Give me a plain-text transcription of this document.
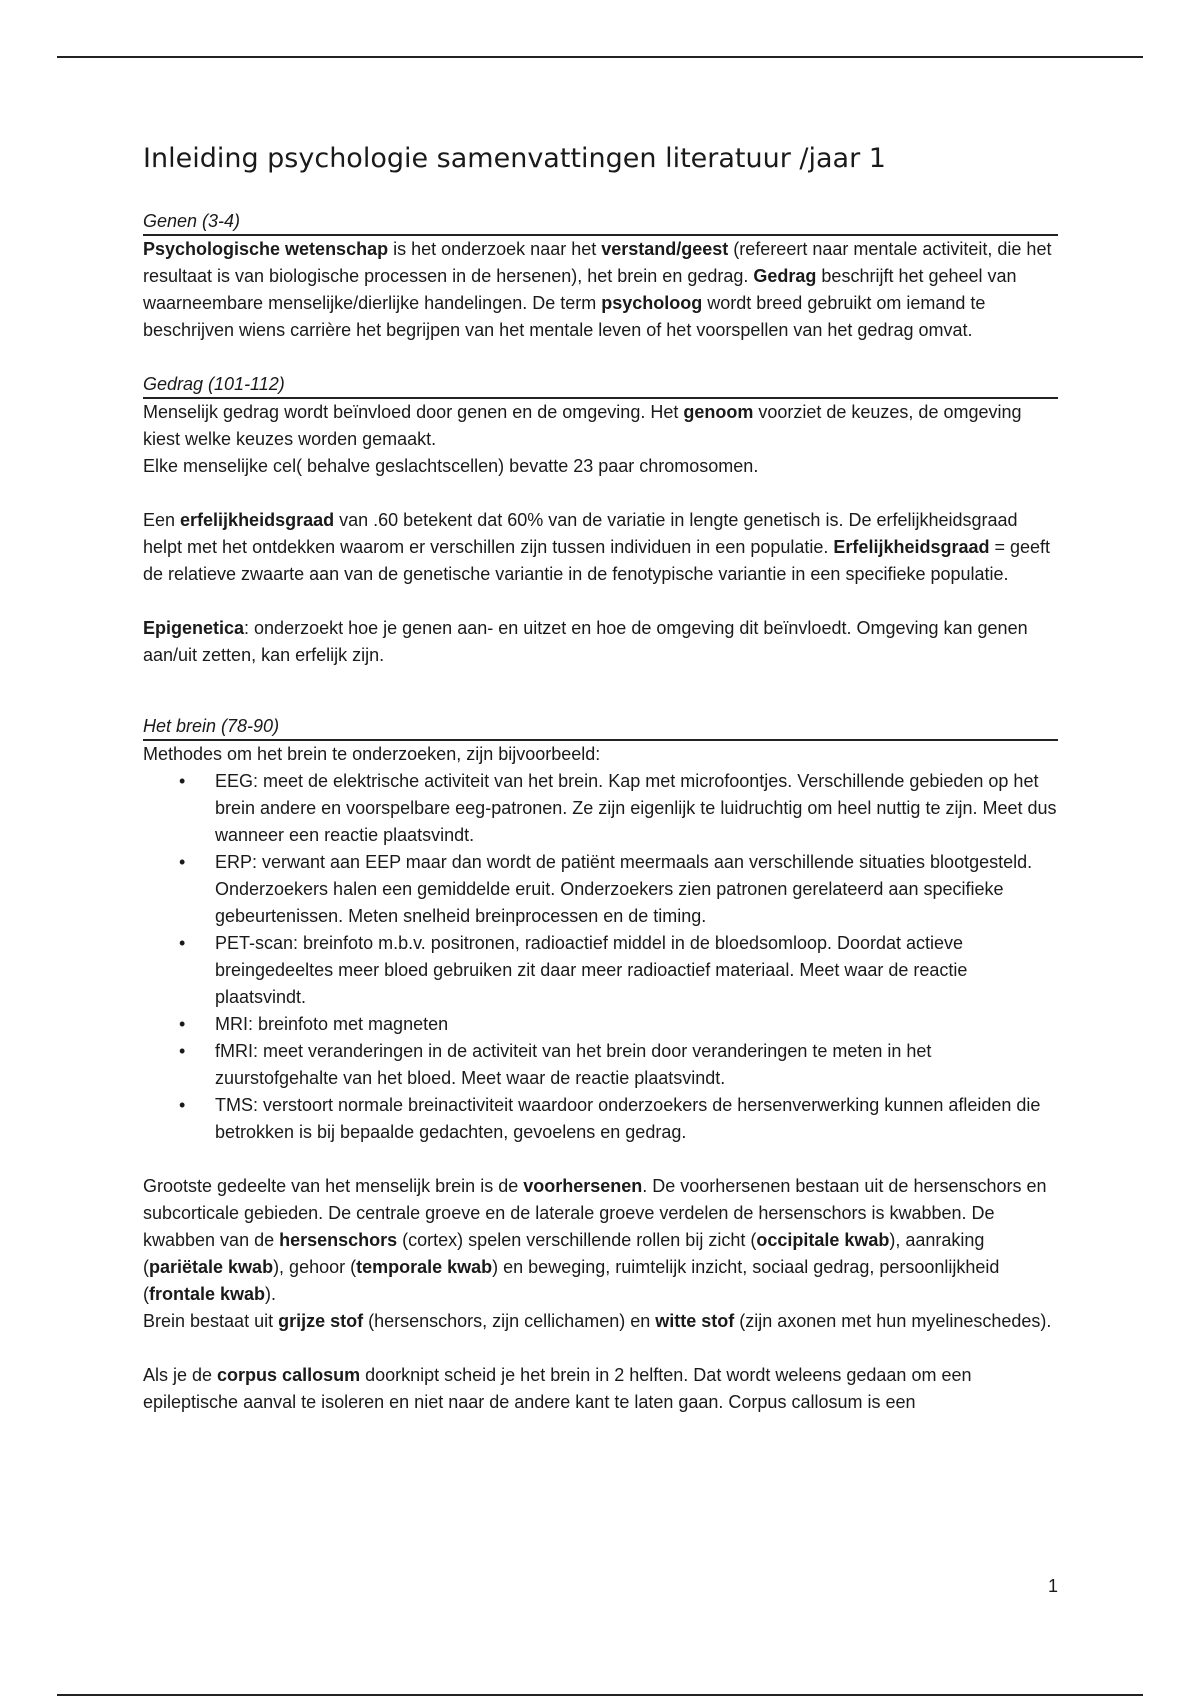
Inleiding psychologie samenvattingen literatuur /jaar 1

Genen (3-4)

Psychologische wetenschap is het onderzoek naar het verstand/geest (refereert naar mentale activiteit, die het resultaat is van biologische processen in de hersenen), het brein en gedrag. Gedrag beschrijft het geheel van waarneembare menselijke/dierlijke handelingen. De term psycholoog wordt breed gebruikt om iemand te beschrijven wiens carrière het begrijpen van het mentale leven of het voorspellen van het gedrag omvat.

Gedrag (101-112)

Menselijk gedrag wordt beïnvloed door genen en de omgeving. Het genoom voorziet de keuzes, de omgeving kiest welke keuzes worden gemaakt.

Elke menselijke cel( behalve geslachtscellen) bevatte 23 paar chromosomen.

Een erfelijkheidsgraad van .60 betekent dat 60% van de variatie in lengte genetisch is. De erfelijkheidsgraad helpt met het ontdekken waarom er verschillen zijn tussen individuen in een populatie. Erfelijkheidsgraad = geeft de relatieve zwaarte aan van de genetische variantie in de fenotypische variantie in een specifieke populatie.

Epigenetica: onderzoekt hoe je genen aan- en uitzet en hoe de omgeving dit beïnvloedt. Omgeving kan genen aan/uit zetten, kan erfelijk zijn.

Het brein (78-90)

Methodes om het brein te onderzoeken, zijn bijvoorbeeld:

• EEG: meet de elektrische activiteit van het brein. Kap met microfoontjes. Verschillende gebieden op het brein andere en voorspelbare eeg-patronen. Ze zijn eigenlijk te luidruchtig om heel nuttig te zijn. Meet dus wanneer een reactie plaatsvindt.
• ERP: verwant aan EEP maar dan wordt de patiënt meermaals aan verschillende situaties blootgesteld. Onderzoekers halen een gemiddelde eruit. Onderzoekers zien patronen gerelateerd aan specifieke gebeurtenissen. Meten snelheid breinprocessen en de timing.
• PET-scan: breinfoto m.b.v. positronen, radioactief middel in de bloedsomloop. Doordat actieve breingedeeltes meer bloed gebruiken zit daar meer radioactief materiaal. Meet waar de reactie plaatsvindt.
• MRI: breinfoto met magneten
• fMRI: meet veranderingen in de activiteit van het brein door veranderingen te meten in het zuurstofgehalte van het bloed. Meet waar de reactie plaatsvindt.
• TMS: verstoort normale breinactiviteit waardoor onderzoekers de hersenverwerking kunnen afleiden die betrokken is bij bepaalde gedachten, gevoelens en gedrag.

Grootste gedeelte van het menselijk brein is de voorhersenen. De voorhersenen bestaan uit de hersenschors en subcorticale gebieden. De centrale groeve en de laterale groeve verdelen de hersenschors is kwabben. De kwabben van de hersenschors (cortex) spelen verschillende rollen bij zicht (occipitale kwab), aanraking (pariëtale kwab), gehoor (temporale kwab) en beweging, ruimtelijk inzicht, sociaal gedrag, persoonlijkheid (frontale kwab).

Brein bestaat uit grijze stof (hersenschors, zijn cellichamen) en witte stof (zijn axonen met hun myelineschedes).

Als je de corpus callosum doorknipt scheid je het brein in 2 helften. Dat wordt weleens gedaan om een epileptische aanval te isoleren en niet naar de andere kant te laten gaan. Corpus callosum is een

1
